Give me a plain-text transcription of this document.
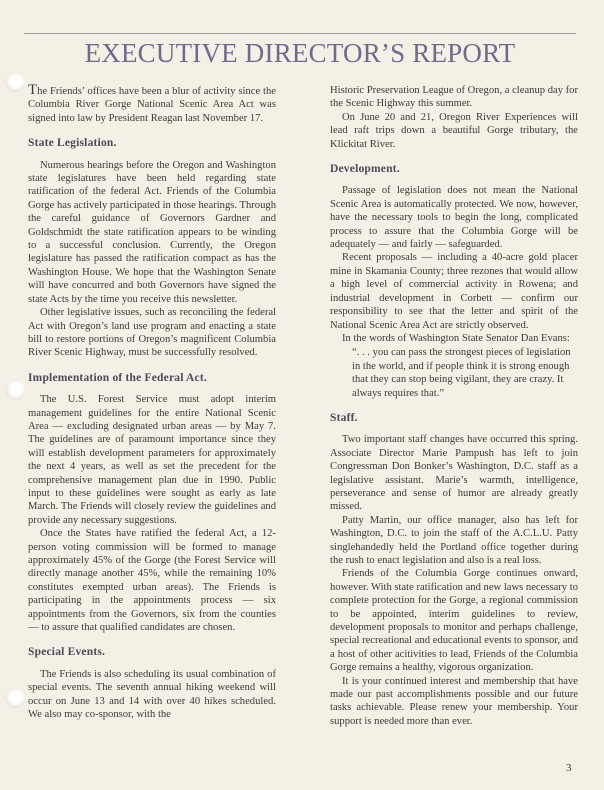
EXECUTIVE DIRECTOR’S REPORT

The Friends’ offices have been a blur of activity since the Columbia River Gorge National Scenic Area Act was signed into law by President Reagan last November 17.

State Legislation.

Numerous hearings before the Oregon and Washington state legislatures have been held regarding state ratification of the federal Act. Friends of the Columbia Gorge has actively participated in those hearings. Through the careful guidance of Governors Gardner and Goldschmidt the state ratification appears to be winding to a successful conclusion. Currently, the Oregon legislature has passed the ratification compact as has the Washington House. We hope that the Washington Senate will have concurred and both Governors have signed the state Acts by the time you receive this newsletter.

Other legislative issues, such as reconciling the federal Act with Oregon’s land use program and enacting a state bill to restore portions of Oregon’s magnificent Columbia River Scenic Highway, must be successfully resolved.

Implementation of the Federal Act.

The U.S. Forest Service must adopt interim management guidelines for the entire National Scenic Area — excluding designated urban areas — by May 7. The guidelines are of paramount importance since they will establish development parameters for approximately the next 4 years, as well as set the precedent for the comprehensive management plan due in 1990. Public input to these guidelines were sought as early as late March. The Friends will closely review the guidelines and provide any necessary suggestions.

Once the States have ratified the federal Act, a 12-person voting commission will be formed to manage approximately 45% of the Gorge (the Forest Service will directly manage another 45%, while the remaining 10% constitutes exempted urban areas). The Friends is participating in the appointments process — six appointments from the Governors, six from the counties — to assure that qualified candidates are chosen.

Special Events.

The Friends is also scheduling its usual combination of special events. The seventh annual hiking weekend will occur on June 13 and 14 with over 40 hikes scheduled. We also may co-sponsor, with the

Historic Preservation League of Oregon, a cleanup day for the Scenic Highway this summer.

On June 20 and 21, Oregon River Experiences will lead raft trips down a beautiful Gorge tributary, the Klickitat River.

Development.

Passage of legislation does not mean the National Scenic Area is automatically protected. We now, however, have the necessary tools to begin the long, complicated process to assure that the Columbia Gorge will be adequately — and fairly — safeguarded.

Recent proposals — including a 40-acre gold placer mine in Skamania County; three rezones that would allow a high level of commercial activity in Rowena; and industrial development in Corbett — confirm our responsibility to see that the letter and spirit of the National Scenic Area Act are strictly observed.

In the words of Washington State Senator Dan Evans:

“. . . you can pass the strongest pieces of legislation in the world, and if people think it is strong enough that they can stop being vigilant, they are crazy. It always requires that.”

Staff.

Two important staff changes have occurred this spring. Associate Director Marie Pampush has left to join Congressman Don Bonker’s Washington, D.C. staff as a legislative assistant. Marie’s warmth, intelligence, perseverance and sense of humor are already greatly missed.

Patty Martin, our office manager, also has left for Washington, D.C. to join the staff of the A.C.L.U. Patty singlehandedly held the Portland office together during the rush to enact legislation and also is a real loss.

Friends of the Columbia Gorge continues onward, however. With state ratification and new laws necessary to complete protection for the Gorge, a regional commission to be appointed, interim guidelines to review, development proposals to monitor and perhaps challenge, special recreational and educational events to sponsor, and a host of other acitivities to lead, Friends of the Columbia Gorge remains a healthy, vigorous organization.

It is your continued interest and membership that have made our past accomplishments possible and our future tasks achievable. Please renew your membership. Your support is needed more than ever.

3
